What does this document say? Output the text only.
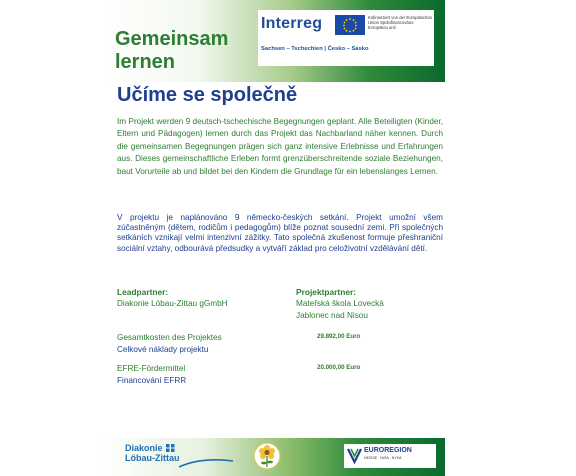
Gemeinsam
lernen
Interreg	Kofinanziert von der Europäischen Union Spolufinancováno Evropskou unií
Sachsen – Tschechien | Česko – Sasko
Učíme se společně

Im Projekt werden 9 deutsch-tschechische Begegnungen geplant. Alle Beteiligten (Kinder, Eltern und Pädagogen) lernen durch das Projekt das Nachbarland näher kennen. Durch die gemeinsamen Begegnungen prägen sich ganz intensive Erlebnisse und Erfahrungen aus. Dieses gemeinschaftliche Erleben formt grenzüberschreitende soziale Beziehungen, baut Vorurteile ab und bildet bei den Kindern die Grundlage für ein lebenslanges Lernen.

V projektu je naplánováno 9 německo-českých setkání. Projekt umožní všem zúčastněným (dětem, rodičům i pedagogům) blíže poznat sousední zemi. Při společných setkáních vznikají velmi intenzivní zážitky. Tato společná zkušenost formuje přeshraniční sociální vztahy, odbourává předsudky a vytváří základ pro celoživotní vzdělávání dětí.

Leadpartner:
Diakonie Löbau-Zittau gGmbH
Projektpartner:
Mateřská škola Lovecká
Jablonec nad Nisou
Gesamtkosten des Projektes
Celkové náklady projektu
29.892,00 Euro
EFRE-Fördermittel
Financování EFRR
20.000,00 Euro
Diakonie
Löbau-Zittau
EUROREGION
NEISSE · NISA · NYSA
